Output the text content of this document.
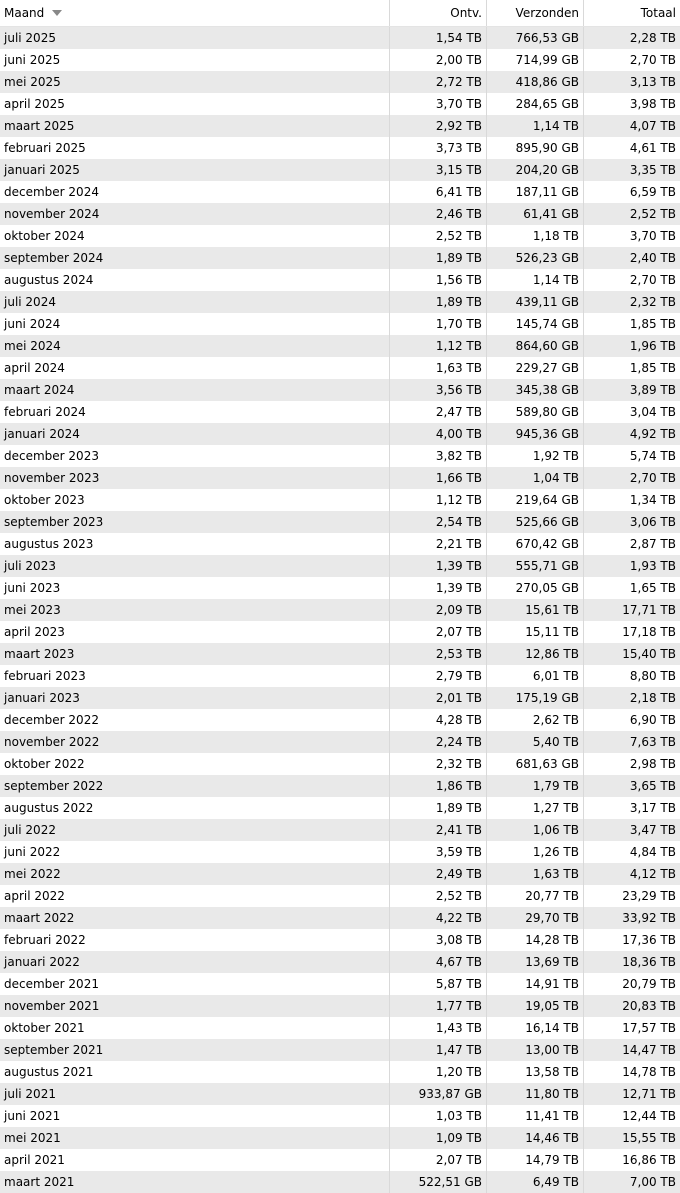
Maand	Ontv.	Verzonden	Totaal
juli 2025	1,54 TB	766,53 GB	2,28 TB
juni 2025	2,00 TB	714,99 GB	2,70 TB
mei 2025	2,72 TB	418,86 GB	3,13 TB
april 2025	3,70 TB	284,65 GB	3,98 TB
maart 2025	2,92 TB	1,14 TB	4,07 TB
februari 2025	3,73 TB	895,90 GB	4,61 TB
januari 2025	3,15 TB	204,20 GB	3,35 TB
december 2024	6,41 TB	187,11 GB	6,59 TB
november 2024	2,46 TB	61,41 GB	2,52 TB
oktober 2024	2,52 TB	1,18 TB	3,70 TB
september 2024	1,89 TB	526,23 GB	2,40 TB
augustus 2024	1,56 TB	1,14 TB	2,70 TB
juli 2024	1,89 TB	439,11 GB	2,32 TB
juni 2024	1,70 TB	145,74 GB	1,85 TB
mei 2024	1,12 TB	864,60 GB	1,96 TB
april 2024	1,63 TB	229,27 GB	1,85 TB
maart 2024	3,56 TB	345,38 GB	3,89 TB
februari 2024	2,47 TB	589,80 GB	3,04 TB
januari 2024	4,00 TB	945,36 GB	4,92 TB
december 2023	3,82 TB	1,92 TB	5,74 TB
november 2023	1,66 TB	1,04 TB	2,70 TB
oktober 2023	1,12 TB	219,64 GB	1,34 TB
september 2023	2,54 TB	525,66 GB	3,06 TB
augustus 2023	2,21 TB	670,42 GB	2,87 TB
juli 2023	1,39 TB	555,71 GB	1,93 TB
juni 2023	1,39 TB	270,05 GB	1,65 TB
mei 2023	2,09 TB	15,61 TB	17,71 TB
april 2023	2,07 TB	15,11 TB	17,18 TB
maart 2023	2,53 TB	12,86 TB	15,40 TB
februari 2023	2,79 TB	6,01 TB	8,80 TB
januari 2023	2,01 TB	175,19 GB	2,18 TB
december 2022	4,28 TB	2,62 TB	6,90 TB
november 2022	2,24 TB	5,40 TB	7,63 TB
oktober 2022	2,32 TB	681,63 GB	2,98 TB
september 2022	1,86 TB	1,79 TB	3,65 TB
augustus 2022	1,89 TB	1,27 TB	3,17 TB
juli 2022	2,41 TB	1,06 TB	3,47 TB
juni 2022	3,59 TB	1,26 TB	4,84 TB
mei 2022	2,49 TB	1,63 TB	4,12 TB
april 2022	2,52 TB	20,77 TB	23,29 TB
maart 2022	4,22 TB	29,70 TB	33,92 TB
februari 2022	3,08 TB	14,28 TB	17,36 TB
januari 2022	4,67 TB	13,69 TB	18,36 TB
december 2021	5,87 TB	14,91 TB	20,79 TB
november 2021	1,77 TB	19,05 TB	20,83 TB
oktober 2021	1,43 TB	16,14 TB	17,57 TB
september 2021	1,47 TB	13,00 TB	14,47 TB
augustus 2021	1,20 TB	13,58 TB	14,78 TB
juli 2021	933,87 GB	11,80 TB	12,71 TB
juni 2021	1,03 TB	11,41 TB	12,44 TB
mei 2021	1,09 TB	14,46 TB	15,55 TB
april 2021	2,07 TB	14,79 TB	16,86 TB
maart 2021	522,51 GB	6,49 TB	7,00 TB
